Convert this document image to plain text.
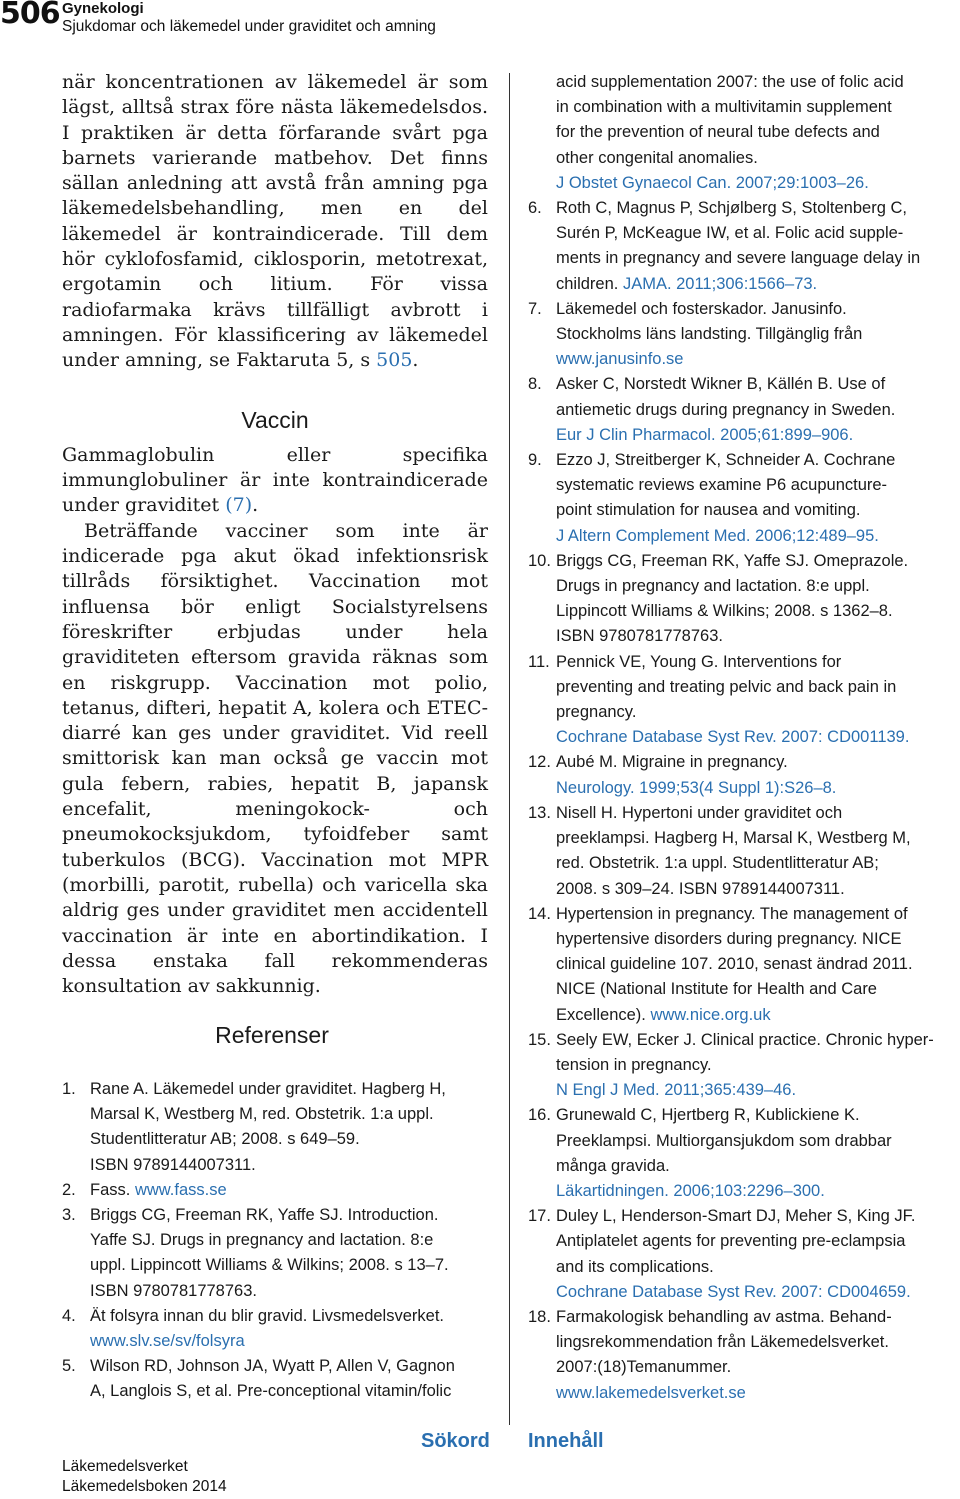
506 Gynekologi
Sjukdomar och läkemedel under graviditet och amning

när koncentrationen av läkemedel är som lägst, alltså strax före nästa läkemedelsdos. I praktiken är detta förfarande svårt pga barnets varierande matbehov. Det finns sällan anledning att avstå från amning pga läkemedelsbehandling, men en del läkemedel är kontraindicerade. Till dem hör cyklofosfamid, ciklosporin, metotrexat, ergotamin och litium. För vissa radiofarmaka krävs tillfälligt avbrott i amningen. För klassificering av läkemedel under amning, se Faktaruta 5, s 505.

Vaccin

Gammaglobulin eller specifika immunglobuliner är inte kontraindicerade under graviditet (7).

Beträffande vacciner som inte är indicerade pga akut ökad infektionsrisk tillråds försiktighet. Vaccination mot influensa bör enligt Socialstyrelsens föreskrifter erbjudas under hela graviditeten eftersom gravida räknas som en riskgrupp. Vaccination mot polio, tetanus, difteri, hepatit A, kolera och ETEC-diarré kan ges under graviditet. Vid reell smittorisk kan man också ge vaccin mot gula febern, rabies, hepatit B, japansk encefalit, meningokock- och pneumokocksjukdom, tyfoidfeber samt tuberkulos (BCG). Vaccination mot MPR (morbilli, parotit, rubella) och varicella ska aldrig ges under graviditet men accidentell vaccination är inte en abortindikation. I dessa enstaka fall rekommenderas konsultation av sakkunnig.

Referenser
1. Rane A. Läkemedel under graviditet. Hagberg H,
Marsal K, Westberg M, red. Obstetrik. 1:a uppl.
Studentlitteratur AB; 2008. s 649–59.
ISBN 9789144007311.
2. Fass. www.fass.se
3. Briggs CG, Freeman RK, Yaffe SJ. Introduction.
Yaffe SJ. Drugs in pregnancy and lactation. 8:e
uppl. Lippincott Williams & Wilkins; 2008. s 13–7.
ISBN 9780781778763.
4. Ät folsyra innan du blir gravid. Livsmedelsverket.
www.slv.se/sv/folsyra
5. Wilson RD, Johnson JA, Wyatt P, Allen V, Gagnon
A, Langlois S, et al. Pre-conceptional vitamin/folic
acid supplementation 2007: the use of folic acid
in combination with a multivitamin supplement
for the prevention of neural tube defects and
other congenital anomalies.
J Obstet Gynaecol Can. 2007;29:1003–26.
6. Roth C, Magnus P, Schjølberg S, Stoltenberg C,
Surén P, McKeague IW, et al. Folic acid supple-
ments in pregnancy and severe language delay in
children. JAMA. 2011;306:1566–73.
7. Läkemedel och fosterskador. Janusinfo.
Stockholms läns landsting. Tillgänglig från
www.janusinfo.se
8. Asker C, Norstedt Wikner B, Källén B. Use of
antiemetic drugs during pregnancy in Sweden.
Eur J Clin Pharmacol. 2005;61:899–906.
9. Ezzo J, Streitberger K, Schneider A. Cochrane
systematic reviews examine P6 acupuncture-
point stimulation for nausea and vomiting.
J Altern Complement Med. 2006;12:489–95.
10. Briggs CG, Freeman RK, Yaffe SJ. Omeprazole.
Drugs in pregnancy and lactation. 8:e uppl.
Lippincott Williams & Wilkins; 2008. s 1362–8.
ISBN 9780781778763.
11. Pennick VE, Young G. Interventions for
preventing and treating pelvic and back pain in
pregnancy.
Cochrane Database Syst Rev. 2007: CD001139.
12. Aubé M. Migraine in pregnancy.
Neurology. 1999;53(4 Suppl 1):S26–8.
13. Nisell H. Hypertoni under graviditet och
preeklampsi. Hagberg H, Marsal K, Westberg M,
red. Obstetrik. 1:a uppl. Studentlitteratur AB;
2008. s 309–24. ISBN 9789144007311.
14. Hypertension in pregnancy. The management of
hypertensive disorders during pregnancy. NICE
clinical guideline 107. 2010, senast ändrad 2011.
NICE (National Institute for Health and Care
Excellence). www.nice.org.uk
15. Seely EW, Ecker J. Clinical practice. Chronic hyper-
tension in pregnancy.
N Engl J Med. 2011;365:439–46.
16. Grunewald C, Hjertberg R, Kublickiene K.
Preeklampsi. Multiorgansjukdom som drabbar
många gravida.
Läkartidningen. 2006;103:2296–300.
17. Duley L, Henderson-Smart DJ, Meher S, King JF.
Antiplatelet agents for preventing pre-eclampsia
and its complications.
Cochrane Database Syst Rev. 2007: CD004659.
18. Farmakologisk behandling av astma. Behand-
lingsrekommendation från Läkemedelsverket.
2007:(18)Temanummer.
www.lakemedelsverket.se
Sökord Innehåll
Läkemedelsverket
Läkemedelsboken 2014
